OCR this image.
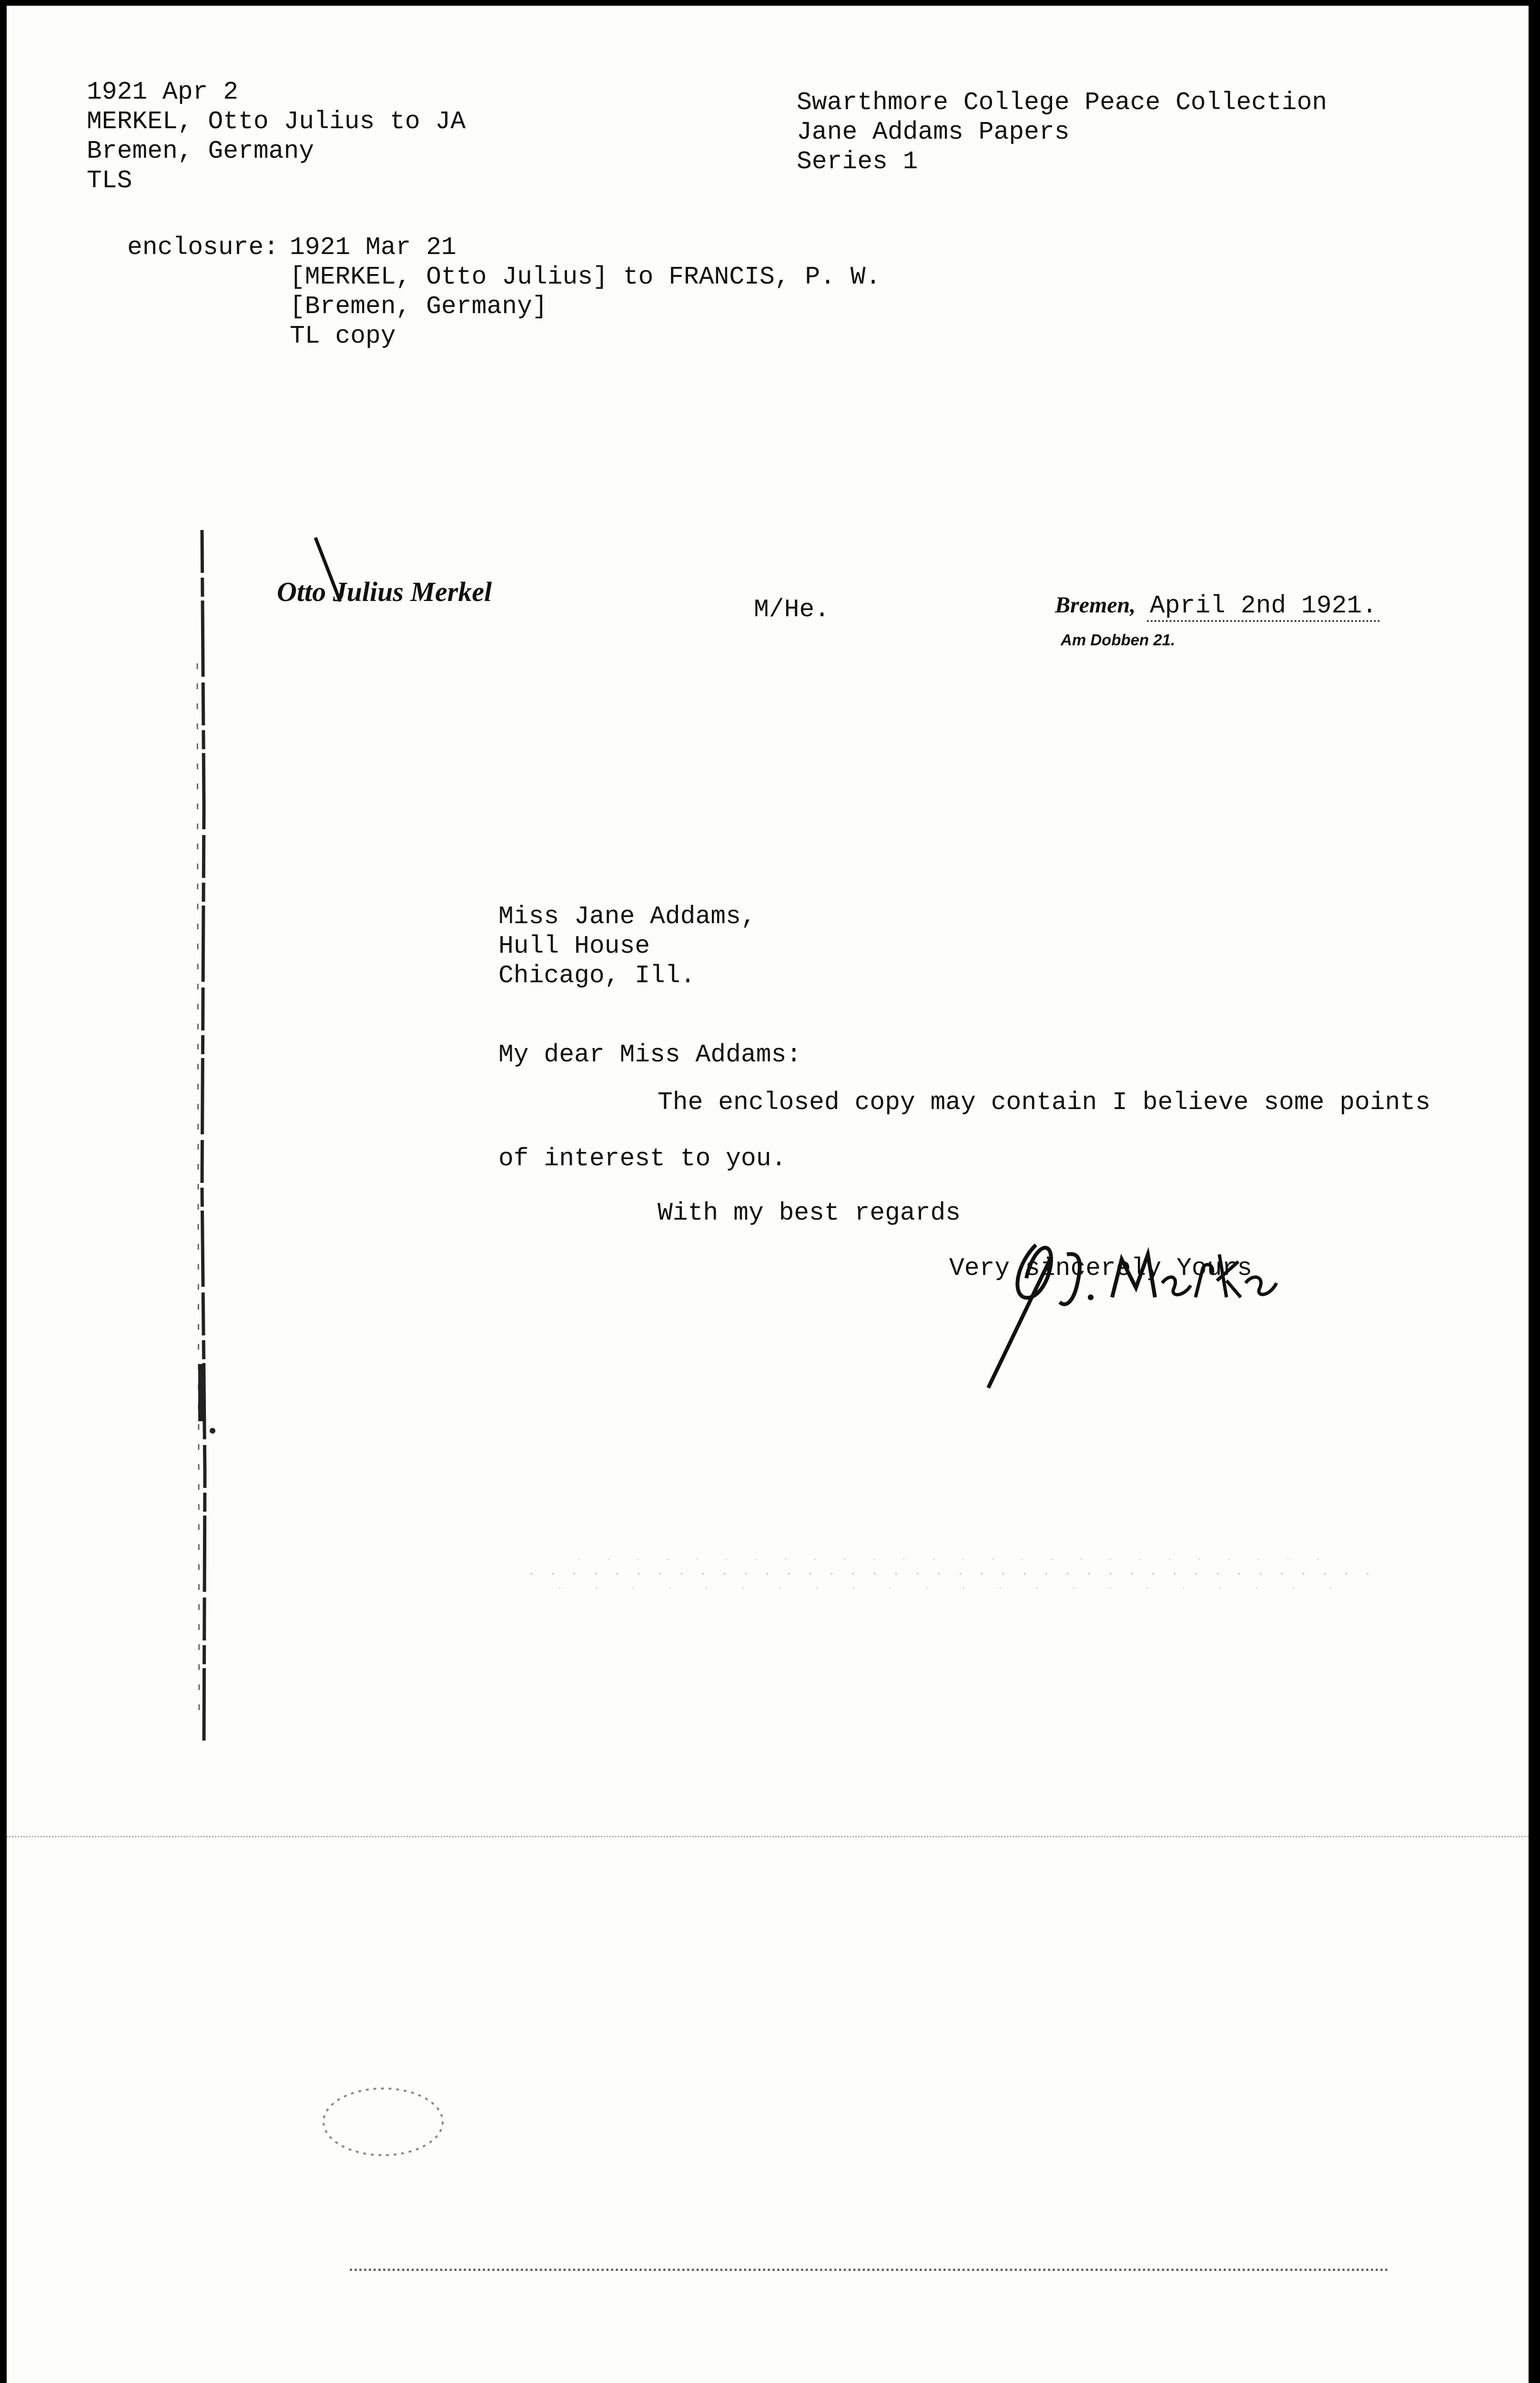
1921 Apr 2
MERKEL, Otto Julius to JA
Bremen, Germany
TLS
Swarthmore College Peace Collection
Jane Addams Papers
Series 1
enclosure: 1921 Mar 21
[MERKEL, Otto Julius] to FRANCIS, P. W.
[Bremen, Germany]
TL copy
Otto Julius Merkel
M/He.	Bremen, April 2nd 1921.
Am Dobben 21.
Miss Jane Addams,
Hull House
Chicago, Ill.
My dear Miss Addams:
The enclosed copy may contain I believe some points
of interest to you.
With my best regards
Very sincerely Yours
